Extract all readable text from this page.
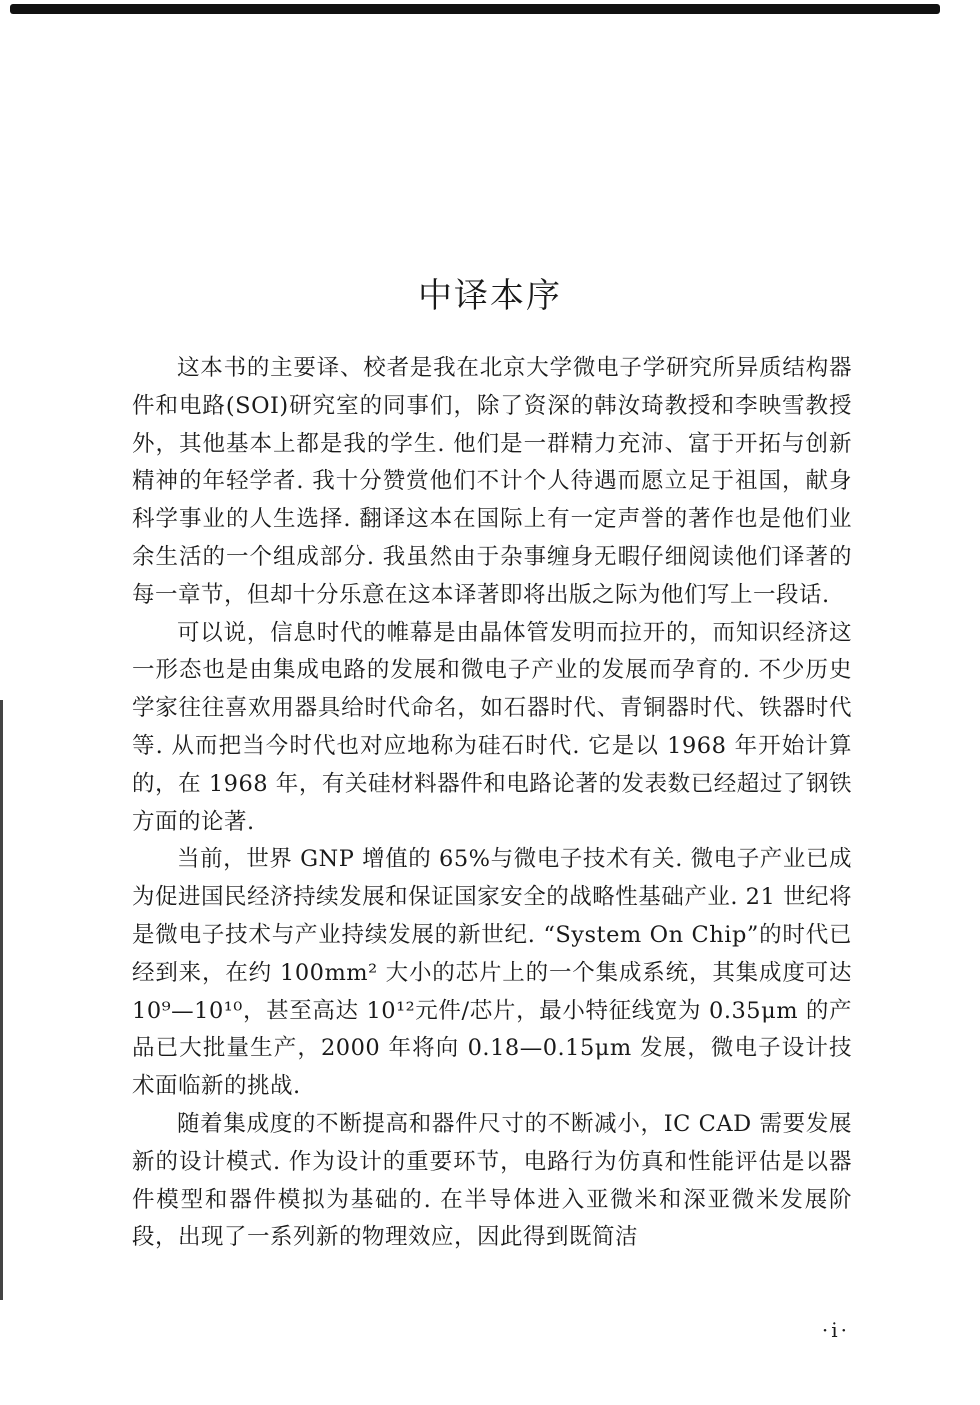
中译本序

这本书的主要译、校者是我在北京大学微电子学研究所异质结构器件和电路(SOI)研究室的同事们，除了资深的韩汝琦教授和李映雪教授外，其他基本上都是我的学生. 他们是一群精力充沛、富于开拓与创新精神的年轻学者. 我十分赞赏他们不计个人待遇而愿立足于祖国，献身科学事业的人生选择. 翻译这本在国际上有一定声誉的著作也是他们业余生活的一个组成部分. 我虽然由于杂事缠身无暇仔细阅读他们译著的每一章节，但却十分乐意在这本译著即将出版之际为他们写上一段话.

可以说，信息时代的帷幕是由晶体管发明而拉开的，而知识经济这一形态也是由集成电路的发展和微电子产业的发展而孕育的. 不少历史学家往往喜欢用器具给时代命名，如石器时代、青铜器时代、铁器时代等. 从而把当今时代也对应地称为硅石时代. 它是以 1968 年开始计算的，在 1968 年，有关硅材料器件和电路论著的发表数已经超过了钢铁方面的论著.

当前，世界 GNP 增值的 65%与微电子技术有关. 微电子产业已成为促进国民经济持续发展和保证国家安全的战略性基础产业. 21 世纪将是微电子技术与产业持续发展的新世纪. “System On Chip”的时代已经到来，在约 100mm² 大小的芯片上的一个集成系统，其集成度可达 10⁹—10¹⁰，甚至高达 10¹²元件/芯片，最小特征线宽为 0.35μm 的产品已大批量生产，2000 年将向 0.18—0.15μm 发展，微电子设计技术面临新的挑战.

随着集成度的不断提高和器件尺寸的不断减小，IC CAD 需要发展新的设计模式. 作为设计的重要环节，电路行为仿真和性能评估是以器件模型和器件模拟为基础的. 在半导体进入亚微米和深亚微米发展阶段，出现了一系列新的物理效应，因此得到既简洁

·i·
